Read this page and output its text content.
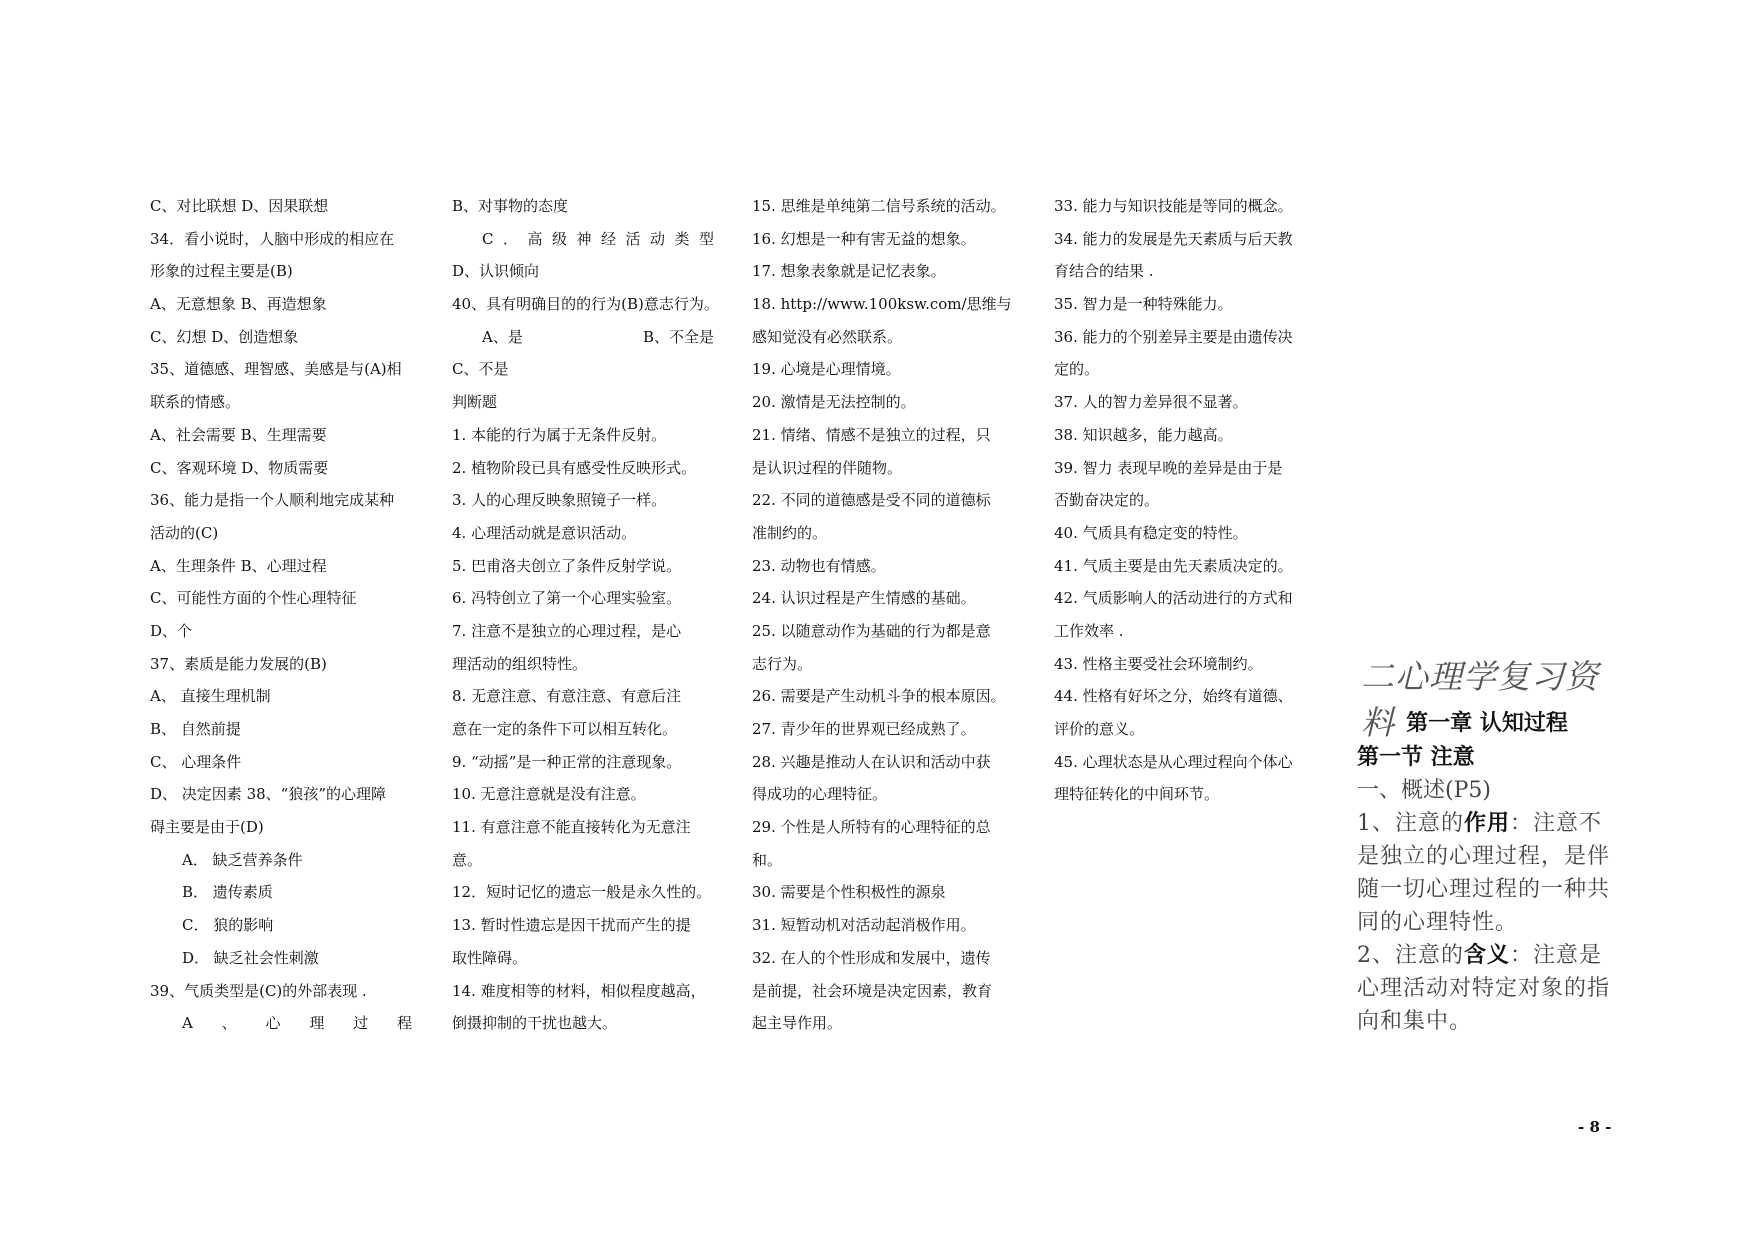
C、对比联想 D、因果联想
34．看小说时，人脑中形成的相应在
形象的过程主要是(B)
A、无意想象 B、再造想象
C、幻想 D、创造想象
35、道德感、理智感、美感是与(A)相
联系的情感。
A、社会需要 B、生理需要
C、客观环境 D、物质需要
36、能力是指一个人顺利地完成某种
活动的(C)
A、生理条件 B、心理过程
C、可能性方面的个性心理特征
D、个
37、素质是能力发展的(B)
A、 直接生理机制
B、 自然前提
C、 心理条件
D、 决定因素 38、“狼孩”的心理障
碍主要是由于(D)
A． 缺乏营养条件
B． 遗传素质
C． 狼的影响
D． 缺乏社会性刺激
39、气质类型是(C)的外部表现 .
A 、 心 理 过 程
B、对事物的态度
C ． 高 级 神 经 活 动 类 型
D、认识倾向
40、具有明确目的的行为(B)意志行为。
A、是	B、不全是
C、不是
判断题
1. 本能的行为属于无条件反射。
2. 植物阶段已具有感受性反映形式。
3. 人的心理反映象照镜子一样。
4. 心理活动就是意识活动。
5. 巴甫洛夫创立了条件反射学说。
6. 冯特创立了第一个心理实验室。
7. 注意不是独立的心理过程，是心
理活动的组织特性。
8. 无意注意、有意注意、有意后注
意在一定的条件下可以相互转化。
9. “动摇”是一种正常的注意现象。
10. 无意注意就是没有注意。
11. 有意注意不能直接转化为无意注
意。
12．短时记忆的遗忘一般是永久性的。
13. 暂时性遗忘是因干扰而产生的提
取性障碍。
14. 难度相等的材料，相似程度越高，
倒摄抑制的干扰也越大。
15. 思维是单纯第二信号系统的活动。
16. 幻想是一种有害无益的想象。
17. 想象表象就是记忆表象。
18. http://www.100ksw.com/思维与
感知觉没有必然联系。
19. 心境是心理情境。
20. 激情是无法控制的。
21. 情绪、情感不是独立的过程，只
是认识过程的伴随物。
22. 不同的道德感是受不同的道德标
准制约的。
23. 动物也有情感。
24. 认识过程是产生情感的基础。
25. 以随意动作为基础的行为都是意
志行为。
26. 需要是产生动机斗争的根本原因。
27. 青少年的世界观已经成熟了。
28. 兴趣是推动人在认识和活动中获
得成功的心理特征。
29. 个性是人所特有的心理特征的总
和。
30. 需要是个性积极性的源泉
31. 短暂动机对活动起消极作用。
32. 在人的个性形成和发展中，遗传
是前提，社会环境是决定因素，教育
起主导作用。
33. 能力与知识技能是等同的概念。
34. 能力的发展是先天素质与后天教
育结合的结果 .
35. 智力是一种特殊能力。
36. 能力的个别差异主要是由遗传决
定的。
37. 人的智力差异很不显著。
38. 知识越多，能力越高。
39. 智力 表现早晚的差异是由于是
否勤奋决定的。
40. 气质具有稳定变的特性。
41. 气质主要是由先天素质决定的。
42. 气质影响人的活动进行的方式和
工作效率 .
43. 性格主要受社会环境制约。
44. 性格有好坏之分，始终有道德、
评价的意义。
45. 心理状态是从心理过程向个体心
理特征转化的中间环节。
二心理学复习资料 第一章 认知过程
第一节 注意
一、概述(P5)
1、注意的作用：注意不是独立的心理过程，是伴随一切心理过程的一种共同的心理特性。
2、注意的含义：注意是心理活动对特定对象的指向和集中。
- 8 -
